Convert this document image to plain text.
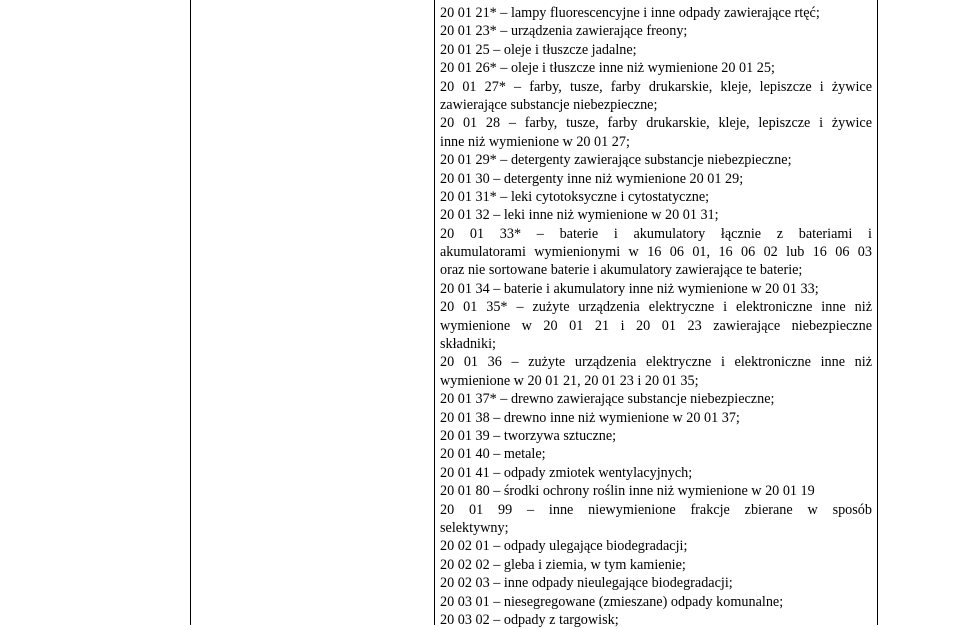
20 01 21* – lampy fluorescencyjne i inne odpady zawierające rtęć;
20 01 23* – urządzenia zawierające freony;
20 01 25 – oleje i tłuszcze jadalne;
20 01 26* – oleje i tłuszcze inne niż wymienione 20 01 25;
20 01 27* – farby, tusze, farby drukarskie, kleje, lepiszcze i żywice
zawierające substancje niebezpieczne;
20 01 28 – farby, tusze, farby drukarskie, kleje, lepiszcze i żywice
inne niż wymienione w 20 01 27;
20 01 29* – detergenty zawierające substancje niebezpieczne;
20 01 30 – detergenty inne niż wymienione 20 01 29;
20 01 31* – leki cytotoksyczne i cytostatyczne;
20 01 32 – leki inne niż wymienione w 20 01 31;
20 01 33* – baterie i akumulatory łącznie z bateriami i
akumulatorami wymienionymi w 16 06 01, 16 06 02 lub 16 06 03
oraz nie sortowane baterie i akumulatory zawierające te baterie;
20 01 34 – baterie i akumulatory inne niż wymienione w 20 01 33;
20 01 35* – zużyte urządzenia elektryczne i elektroniczne inne niż
wymienione w 20 01 21 i 20 01 23 zawierające niebezpieczne
składniki;
20 01 36 – zużyte urządzenia elektryczne i elektroniczne inne niż
wymienione w 20 01 21, 20 01 23 i 20 01 35;
20 01 37* – drewno zawierające substancje niebezpieczne;
20 01 38 – drewno inne niż wymienione w 20 01 37;
20 01 39 – tworzywa sztuczne;
20 01 40 – metale;
20 01 41 – odpady zmiotek wentylacyjnych;
20 01 80 – środki ochrony roślin inne niż wymienione w 20 01 19
20 01 99 – inne niewymienione frakcje zbierane w sposób
selektywny;
20 02 01 – odpady ulegające biodegradacji;
20 02 02 – gleba i ziemia, w tym kamienie;
20 02 03 – inne odpady nieulegające biodegradacji;
20 03 01 – niesegregowane (zmieszane) odpady komunalne;
20 03 02 – odpady z targowisk;
